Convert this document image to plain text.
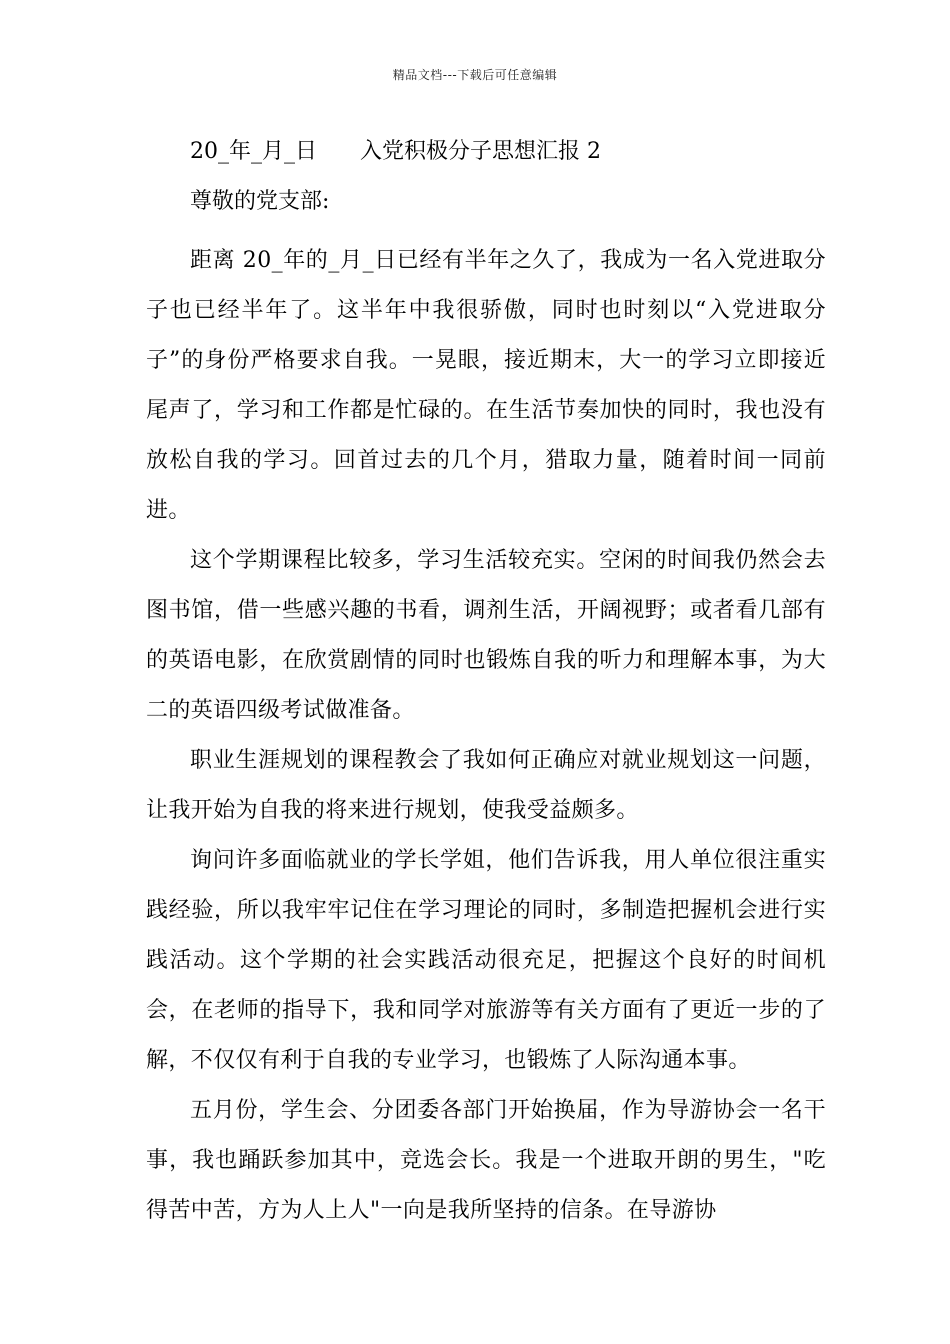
精品文档---下载后可任意编辑
20_年_月_日 入党积极分子思想汇报 2
尊敬的党支部:

距离 20_年的_月_日已经有半年之久了，我成为一名入党进取分子也已经半年了。这半年中我很骄傲，同时也时刻以“入党进取分子”的身份严格要求自我。一晃眼，接近期末，大一的学习立即接近尾声了，学习和工作都是忙碌的。在生活节奏加快的同时，我也没有放松自我的学习。回首过去的几个月，猎取力量，随着时间一同前进。

这个学期课程比较多，学习生活较充实。空闲的时间我仍然会去图书馆，借一些感兴趣的书看，调剂生活，开阔视野；或者看几部有的英语电影，在欣赏剧情的同时也锻炼自我的听力和理解本事，为大二的英语四级考试做准备。

职业生涯规划的课程教会了我如何正确应对就业规划这一问题，让我开始为自我的将来进行规划，使我受益颇多。

询问许多面临就业的学长学姐，他们告诉我，用人单位很注重实践经验，所以我牢牢记住在学习理论的同时，多制造把握机会进行实践活动。这个学期的社会实践活动很充足，把握这个良好的时间机会，在老师的指导下，我和同学对旅游等有关方面有了更近一步的了解，不仅仅有利于自我的专业学习，也锻炼了人际沟通本事。

五月份，学生会、分团委各部门开始换届，作为导游协会一名干事，我也踊跃参加其中，竞选会长。我是一个进取开朗的男生，"吃得苦中苦，方为人上人"一向是我所坚持的信条。在导游协
